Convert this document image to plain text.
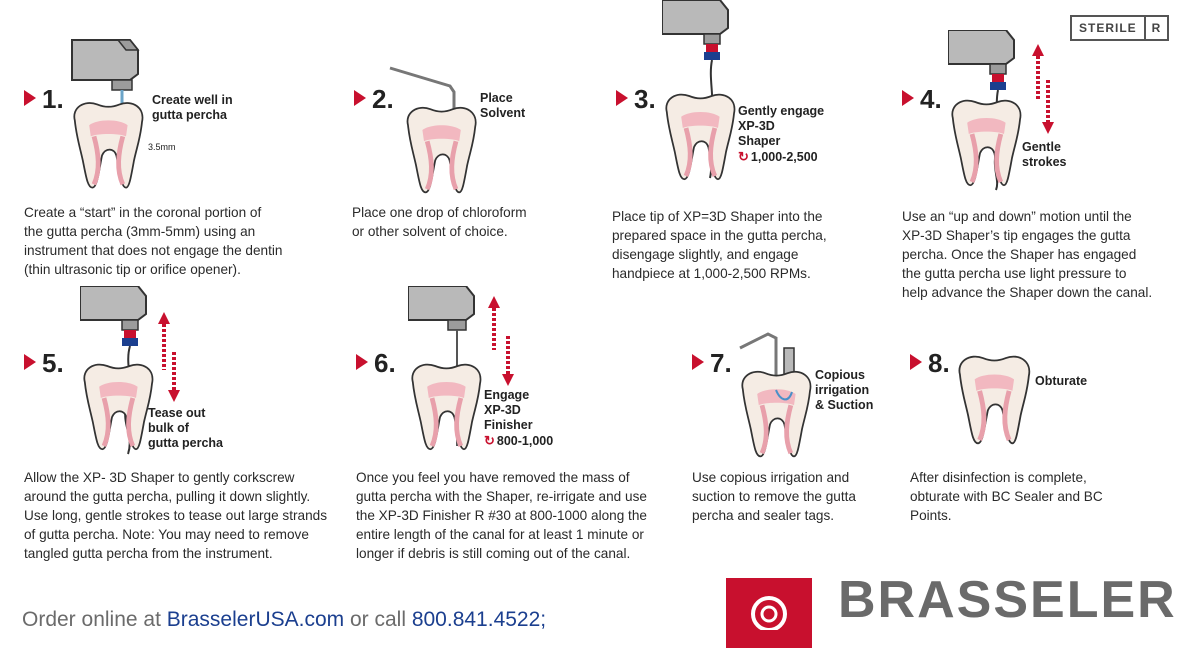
STERILE	R
1.	Create well in
gutta percha
3.5mm
Create a “start” in the coronal portion of
the gutta percha (3mm-5mm) using an
instrument that does not engage the dentin
(thin ultrasonic tip or orifice opener).
2.	Place
Solvent
Place one drop of chloroform
or other solvent of choice.
3.	Gently engage
XP-3D
Shaper
↻ 1,000-2,500
Place tip of XP=3D Shaper into the
prepared space in the gutta percha,
disengage slightly, and engage
handpiece at 1,000-2,500 RPMs.
4.
Gentle
strokes
Use an “up and down” motion until the
XP-3D Shaper’s tip engages the gutta
percha. Once the Shaper has engaged
the gutta percha use light pressure to
help advance the Shaper down the canal.
5.
Tease out
bulk of
gutta percha
Allow the XP- 3D Shaper to gently corkscrew
around the gutta percha, pulling it down slightly.
Use long, gentle strokes to tease out large strands
of gutta percha. Note: You may need to remove
tangled gutta percha from the instrument.
6.
Engage
XP-3D
Finisher
↻ 800-1,000
Once you feel you have removed the mass of
gutta percha with the Shaper, re-irrigate and use
the XP-3D Finisher R #30 at 800-1000 along the
entire length of the canal for at least 1 minute or
longer if debris is still coming out of the canal.
7.	Copious
irrigation
& Suction
Use copious irrigation and
suction to remove the gutta
percha and sealer tags.
8.
Obturate
After disinfection is complete,
obturate with BC Sealer and BC
Points.
Order online at BrasselerUSA.com or call 800.841.4522;	BRASSELER
